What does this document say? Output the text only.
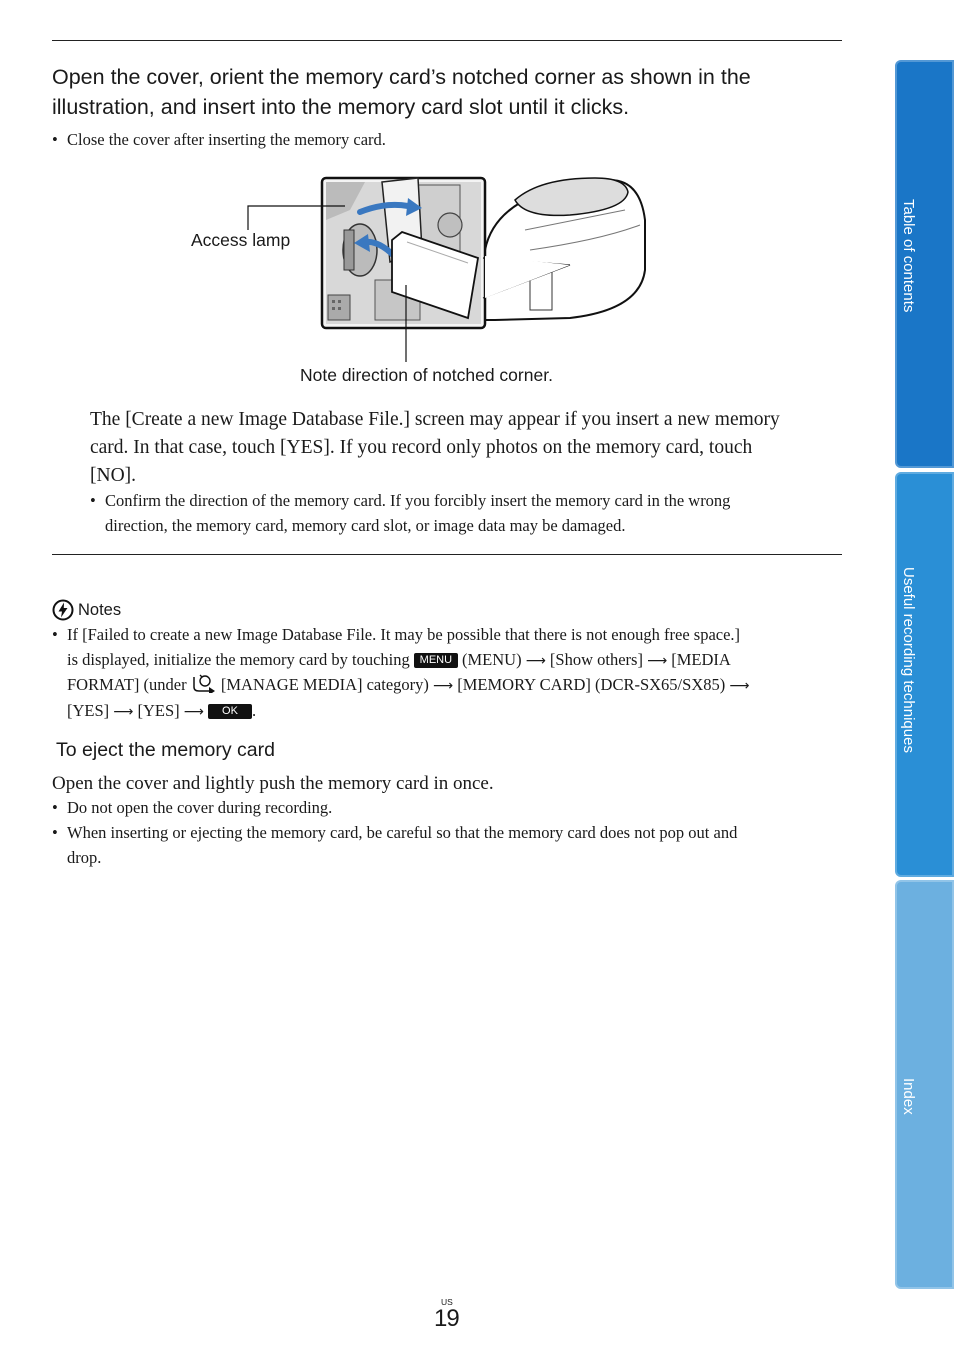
Open the cover, orient the memory card’s notched corner as shown in the
illustration, and insert into the memory card slot until it clicks.
• Close the cover after inserting the memory card.
Access lamp
Note direction of notched corner.
The [Create a new Image Database File.] screen may appear if you insert a new memory
card. In that case, touch [YES]. If you record only photos on the memory card, touch
[NO].
• Confirm the direction of the memory card. If you forcibly insert the memory card in the wrong
direction, the memory card, memory card slot, or image data may be damaged.
Notes
• If [Failed to create a new Image Database File. It may be possible that there is not enough free space.]
is displayed, initialize the memory card by touching MENU (MENU) ⟶ [Show others] ⟶ [MEDIA
FORMAT] (under [MANAGE MEDIA] category) ⟶ [MEMORY CARD] (DCR-SX65/SX85) ⟶
[YES] ⟶ [YES] ⟶ OK .
To eject the memory card
Open the cover and lightly push the memory card in once.
• Do not open the cover during recording.
• When inserting or ejecting the memory card, be careful so that the memory card does not pop out and
drop.
Table of contents
Useful recording techniques
Index
US
19
